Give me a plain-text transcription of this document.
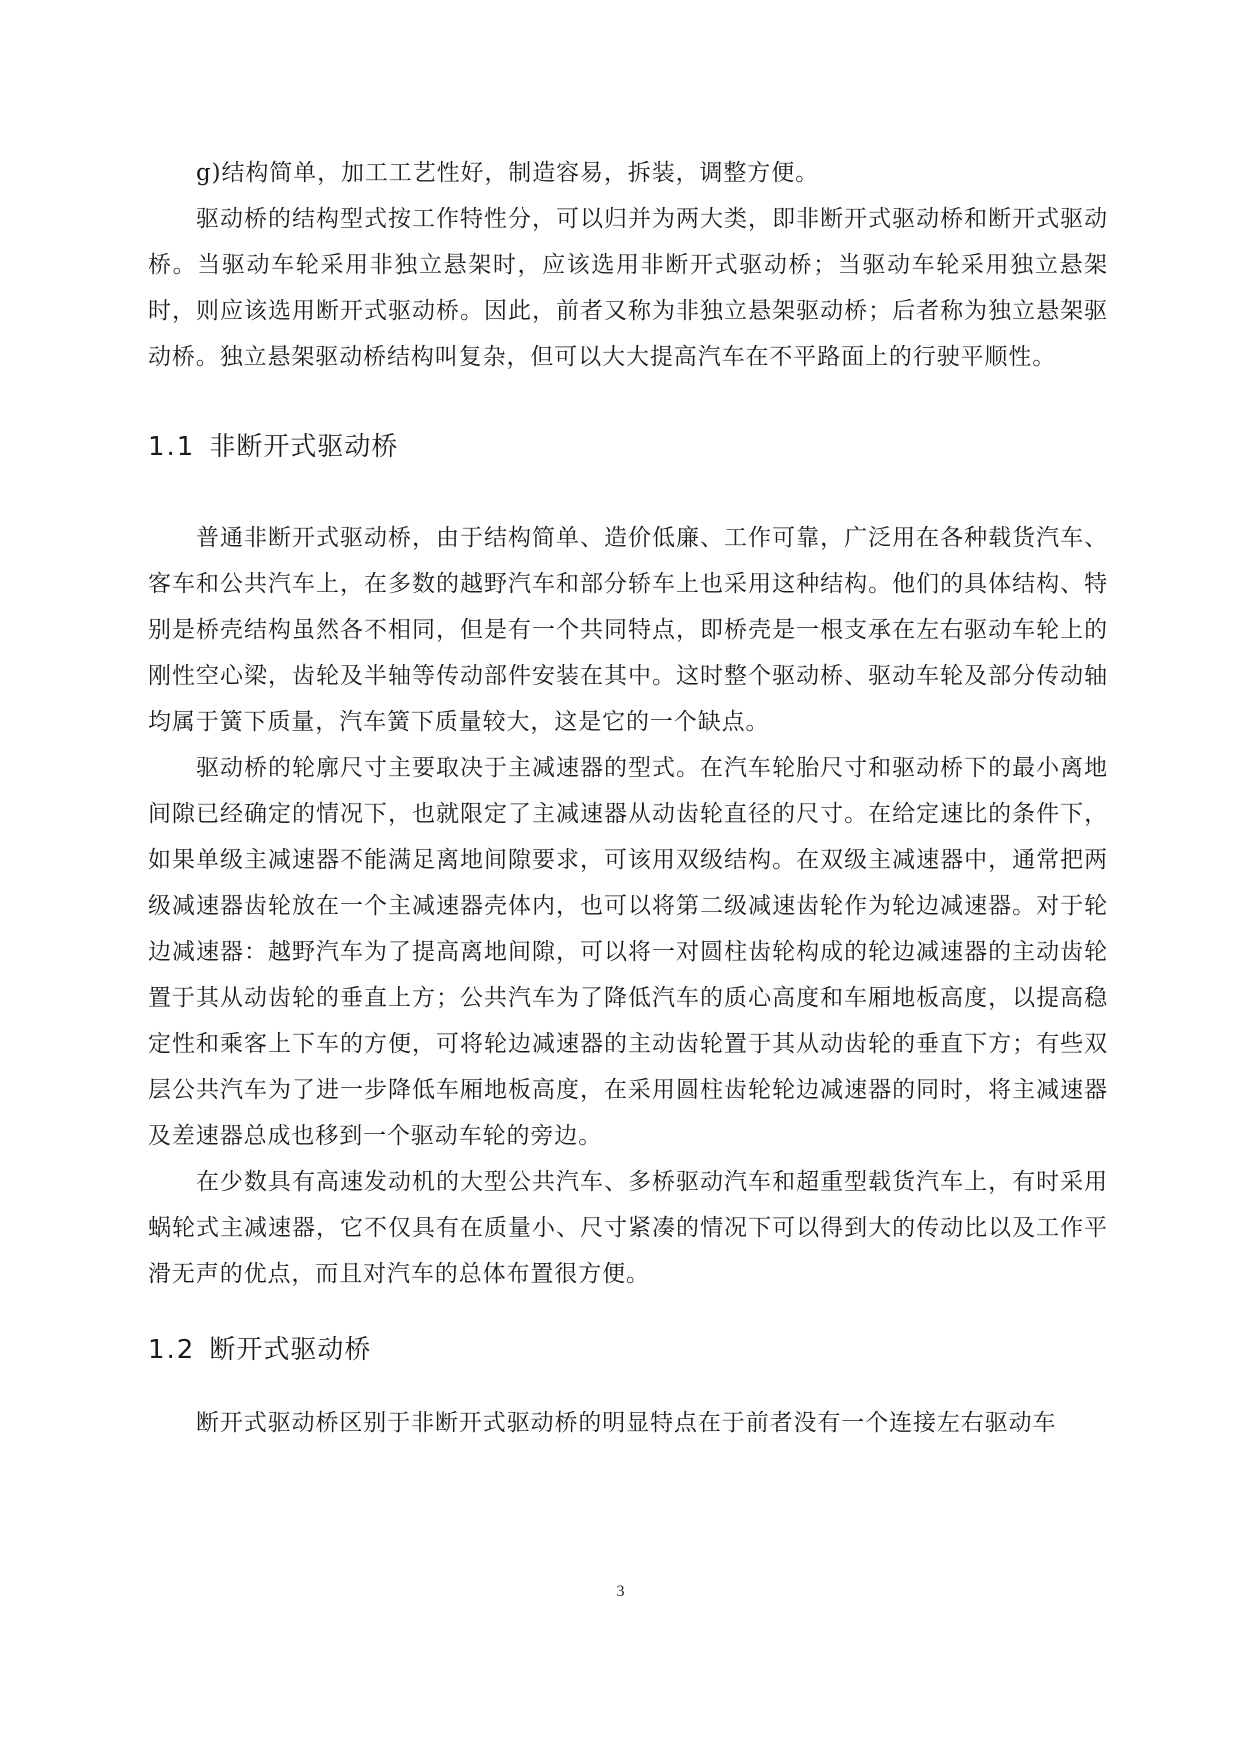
g)结构简单，加工工艺性好，制造容易，拆装，调整方便。

驱动桥的结构型式按工作特性分，可以归并为两大类，即非断开式驱动桥和断开式驱动桥。当驱动车轮采用非独立悬架时，应该选用非断开式驱动桥；当驱动车轮采用独立悬架时，则应该选用断开式驱动桥。因此，前者又称为非独立悬架驱动桥；后者称为独立悬架驱动桥。独立悬架驱动桥结构叫复杂，但可以大大提高汽车在不平路面上的行驶平顺性。

1.1 非断开式驱动桥

普通非断开式驱动桥，由于结构简单、造价低廉、工作可靠，广泛用在各种载货汽车、客车和公共汽车上，在多数的越野汽车和部分轿车上也采用这种结构。他们的具体结构、特别是桥壳结构虽然各不相同，但是有一个共同特点，即桥壳是一根支承在左右驱动车轮上的刚性空心梁，齿轮及半轴等传动部件安装在其中。这时整个驱动桥、驱动车轮及部分传动轴均属于簧下质量，汽车簧下质量较大，这是它的一个缺点。

驱动桥的轮廓尺寸主要取决于主减速器的型式。在汽车轮胎尺寸和驱动桥下的最小离地间隙已经确定的情况下，也就限定了主减速器从动齿轮直径的尺寸。在给定速比的条件下，如果单级主减速器不能满足离地间隙要求，可该用双级结构。在双级主减速器中，通常把两级减速器齿轮放在一个主减速器壳体内，也可以将第二级减速齿轮作为轮边减速器。对于轮边减速器：越野汽车为了提高离地间隙，可以将一对圆柱齿轮构成的轮边减速器的主动齿轮置于其从动齿轮的垂直上方；公共汽车为了降低汽车的质心高度和车厢地板高度，以提高稳定性和乘客上下车的方便，可将轮边减速器的主动齿轮置于其从动齿轮的垂直下方；有些双层公共汽车为了进一步降低车厢地板高度，在采用圆柱齿轮轮边减速器的同时，将主减速器及差速器总成也移到一个驱动车轮的旁边。

在少数具有高速发动机的大型公共汽车、多桥驱动汽车和超重型载货汽车上，有时采用蜗轮式主减速器，它不仅具有在质量小、尺寸紧凑的情况下可以得到大的传动比以及工作平滑无声的优点，而且对汽车的总体布置很方便。

1.2 断开式驱动桥

断开式驱动桥区别于非断开式驱动桥的明显特点在于前者没有一个连接左右驱动车

3
